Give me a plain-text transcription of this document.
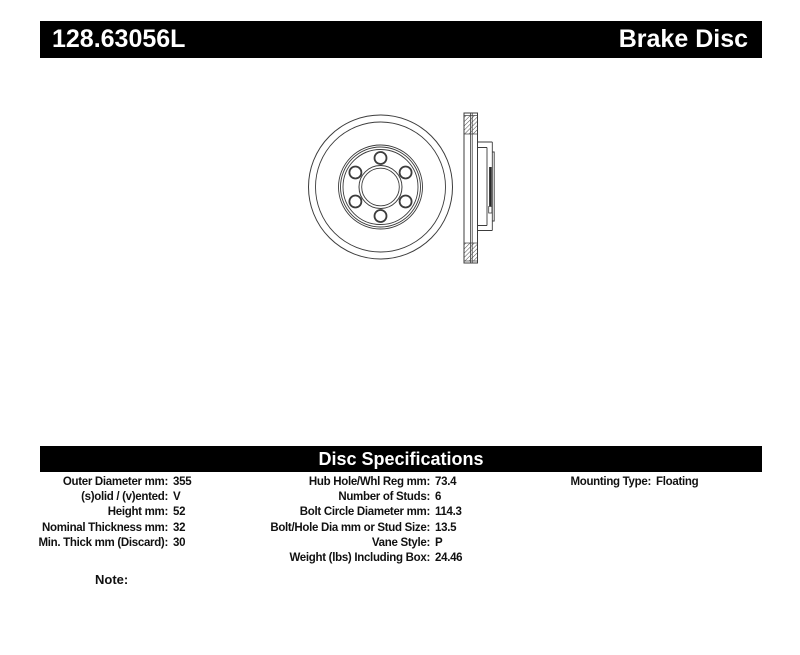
128.63056L	Brake Disc
Disc Specifications
Outer Diameter mm: 355
(s)olid / (v)ented: V
Height mm: 52
Nominal Thickness mm: 32
Min. Thick mm (Discard): 30
Hub Hole/Whl Reg mm: 73.4
Number of Studs: 6
Bolt Circle Diameter mm: 114.3
Bolt/Hole Dia mm or Stud Size: 13.5
Vane Style: P
Weight (lbs) Including Box: 24.46
Mounting Type: Floating
Note:
